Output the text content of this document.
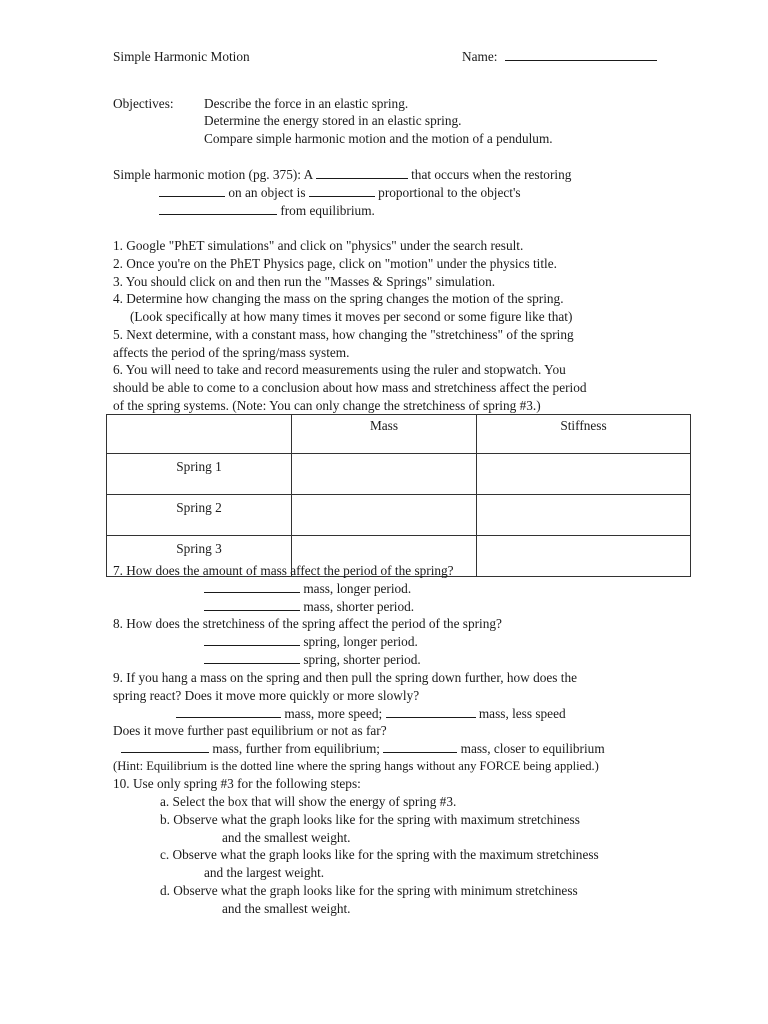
Simple Harmonic Motion	Name:
Objectives: Describe the force in an elastic spring.
Determine the energy stored in an elastic spring.
Compare simple harmonic motion and the motion of a pendulum.
Simple harmonic motion (pg. 375): A	that occurs when the restoring
on an object is	proportional to the object's
from equilibrium.
1. Google "PhET simulations" and click on "physics" under the search result.
2. Once you're on the PhET Physics page, click on "motion" under the physics title.
3. You should click on and then run the "Masses & Springs" simulation.
4. Determine how changing the mass on the spring changes the motion of the spring.
(Look specifically at how many times it moves per second or some figure like that)
5. Next determine, with a constant mass, how changing the "stretchiness" of the spring
affects the period of the spring/mass system.
6. You will need to take and record measurements using the ruler and stopwatch. You
should be able to come to a conclusion about how mass and stretchiness affect the period
of the spring systems. (Note: You can only change the stretchiness of spring #3.)
	Mass	Stiffness
Spring 1		
Spring 2		
Spring 3		
7. How does the amount of mass affect the period of the spring?
mass, longer period.
mass, shorter period.
8. How does the stretchiness of the spring affect the period of the spring?
spring, longer period.
spring, shorter period.
9. If you hang a mass on the spring and then pull the spring down further, how does the
spring react? Does it move more quickly or more slowly?
mass, more speed;	mass, less speed
Does it move further past equilibrium or not as far?
mass, further from equilibrium;	mass, closer to equilibrium
(Hint: Equilibrium is the dotted line where the spring hangs without any FORCE being applied.)
10. Use only spring #3 for the following steps:
a. Select the box that will show the energy of spring #3.
b. Observe what the graph looks like for the spring with maximum stretchiness
and the smallest weight.
c. Observe what the graph looks like for the spring with the maximum stretchiness
and the largest weight.
d. Observe what the graph looks like for the spring with minimum stretchiness
and the smallest weight.
